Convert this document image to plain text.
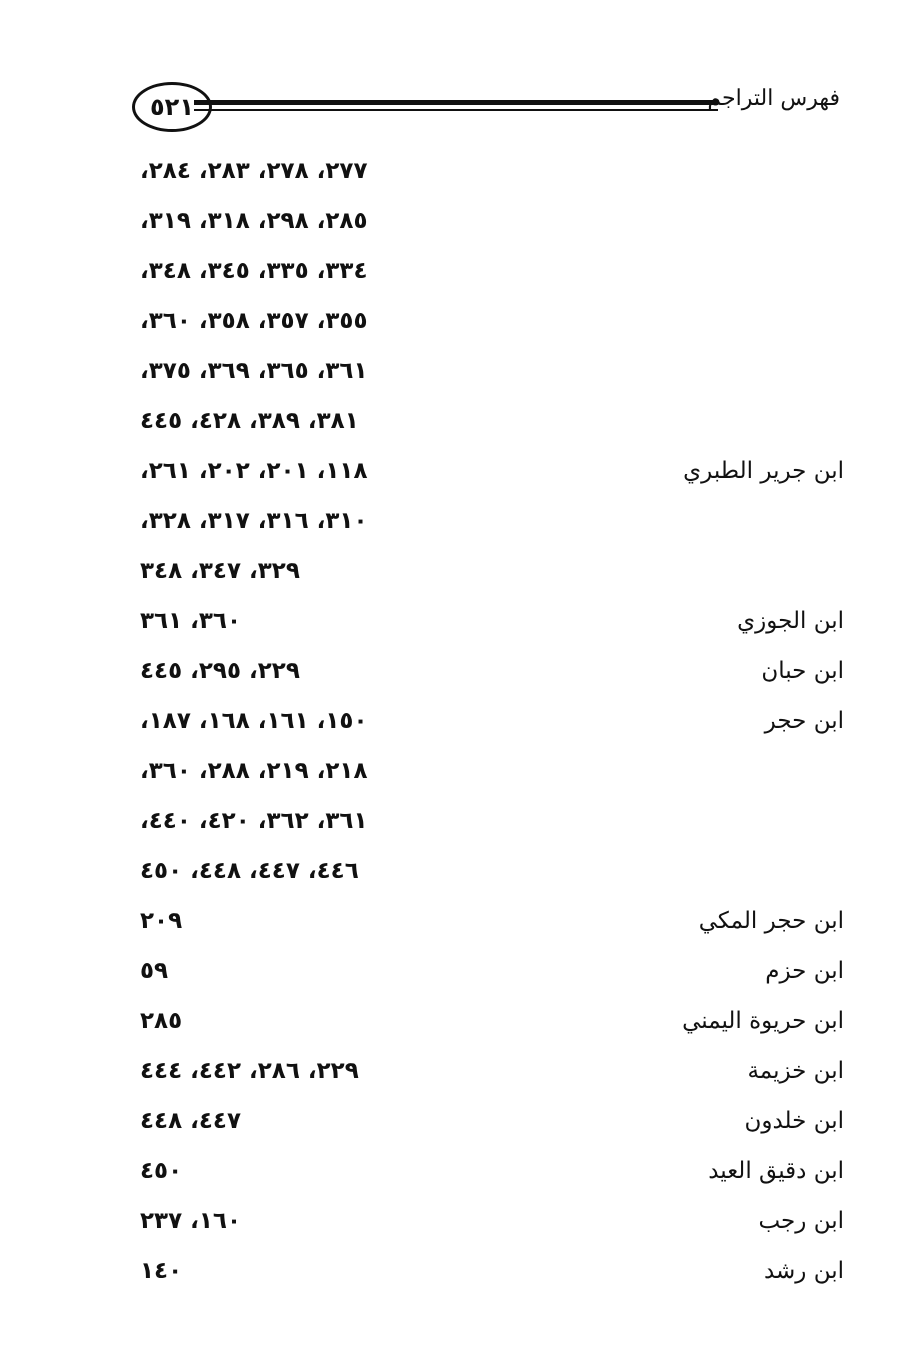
٥٢١	فهرس التراجم
٢٧٧، ٢٧٨، ٢٨٣، ٢٨٤،
٢٨٥، ٢٩٨، ٣١٨، ٣١٩،
٣٣٤، ٣٣٥، ٣٤٥، ٣٤٨،
٣٥٥، ٣٥٧، ٣٥٨، ٣٦٠،
٣٦١، ٣٦٥، ٣٦٩، ٣٧٥،
٣٨١، ٣٨٩، ٤٢٨، ٤٤٥
ابن جرير الطبري
١١٨، ٢٠١، ٢٠٢، ٢٦١،
٣١٠، ٣١٦، ٣١٧، ٣٢٨،
٣٢٩، ٣٤٧، ٣٤٨
ابن الجوزي
٣٦٠، ٣٦١
ابن حبان
٢٢٩، ٢٩٥، ٤٤٥
ابن حجر
١٥٠، ١٦١، ١٦٨، ١٨٧،
٢١٨، ٢١٩، ٢٨٨، ٣٦٠،
٣٦١، ٣٦٢، ٤٢٠، ٤٤٠،
٤٤٦، ٤٤٧، ٤٤٨، ٤٥٠
ابن حجر المكي
٢٠٩
ابن حزم
٥٩
ابن حريوة اليمني
٢٨٥
ابن خزيمة
٢٢٩، ٢٨٦، ٤٤٢، ٤٤٤
ابن خلدون
٤٤٧، ٤٤٨
ابن دقيق العيد
٤٥٠
ابن رجب
١٦٠، ٢٣٧
ابن رشد
١٤٠
